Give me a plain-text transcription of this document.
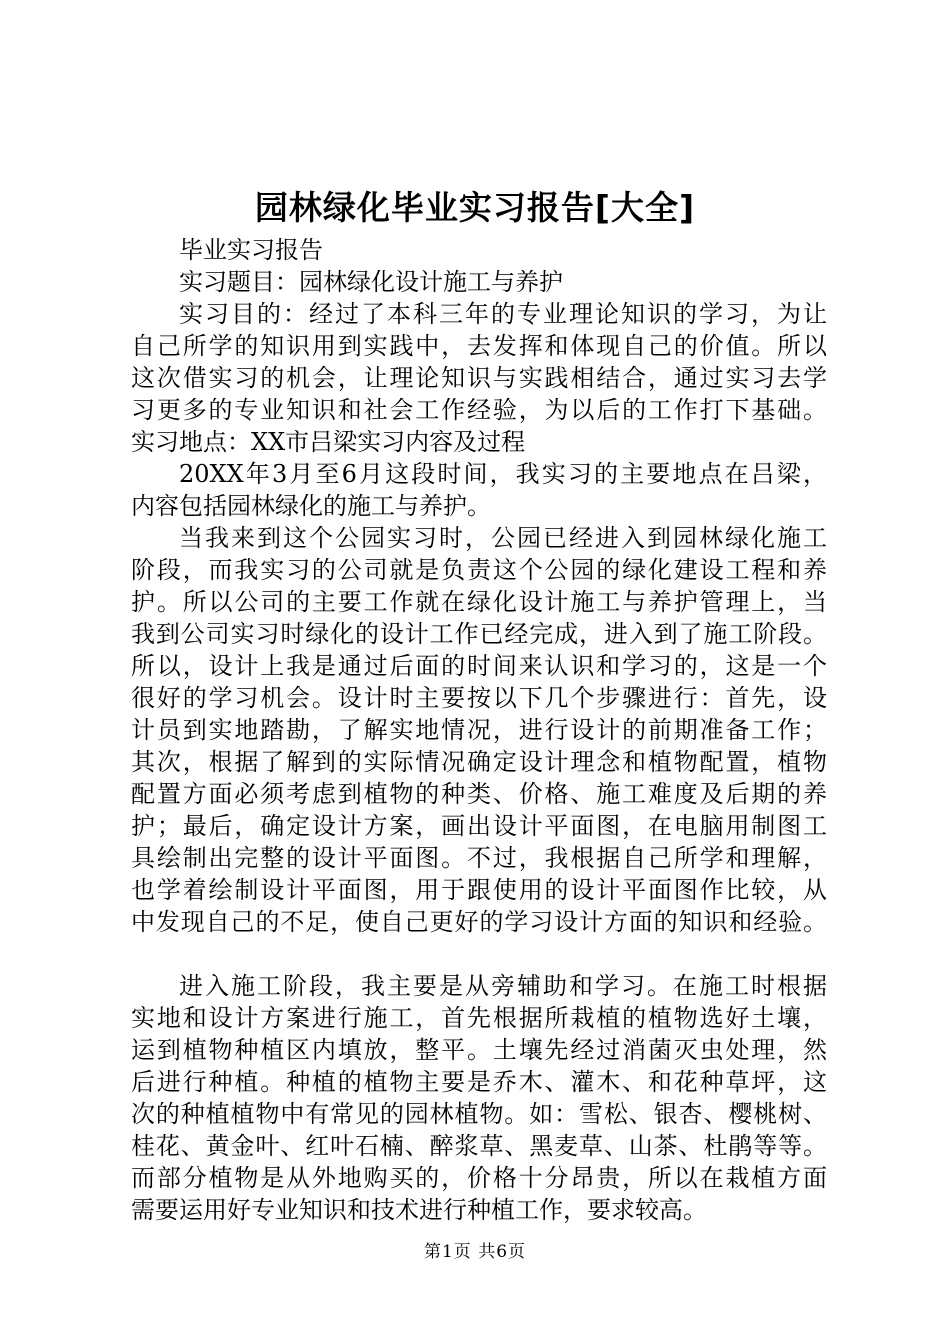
园林绿化毕业实习报告[大全]
毕业实习报告
实习题目：园林绿化设计施工与养护
实习目的：经过了本科三年的专业理论知识的学习，为让
自己所学的知识用到实践中，去发挥和体现自己的价值。所以
这次借实习的机会，让理论知识与实践相结合，通过实习去学
习更多的专业知识和社会工作经验，为以后的工作打下基础。
实习地点：XX市吕梁实习内容及过程
20XX年3月至6月这段时间，我实习的主要地点在吕梁，
内容包括园林绿化的施工与养护。
当我来到这个公园实习时，公园已经进入到园林绿化施工
阶段，而我实习的公司就是负责这个公园的绿化建设工程和养
护。所以公司的主要工作就在绿化设计施工与养护管理上，当
我到公司实习时绿化的设计工作已经完成，进入到了施工阶段。
所以，设计上我是通过后面的时间来认识和学习的，这是一个
很好的学习机会。设计时主要按以下几个步骤进行：首先，设
计员到实地踏勘，了解实地情况，进行设计的前期准备工作；
其次，根据了解到的实际情况确定设计理念和植物配置，植物
配置方面必须考虑到植物的种类、价格、施工难度及后期的养
护；最后，确定设计方案，画出设计平面图，在电脑用制图工
具绘制出完整的设计平面图。不过，我根据自己所学和理解，
也学着绘制设计平面图，用于跟使用的设计平面图作比较，从
中发现自己的不足，使自己更好的学习设计方面的知识和经验。
进入施工阶段，我主要是从旁辅助和学习。在施工时根据
实地和设计方案进行施工，首先根据所栽植的植物选好土壤，
运到植物种植区内填放，整平。土壤先经过消菌灭虫处理，然
后进行种植。种植的植物主要是乔木、灌木、和花种草坪，这
次的种植植物中有常见的园林植物。如：雪松、银杏、樱桃树、
桂花、黄金叶、红叶石楠、醉浆草、黑麦草、山茶、杜鹃等等。
而部分植物是从外地购买的，价格十分昂贵，所以在栽植方面
需要运用好专业知识和技术进行种植工作，要求较高。
第1页 共6页
